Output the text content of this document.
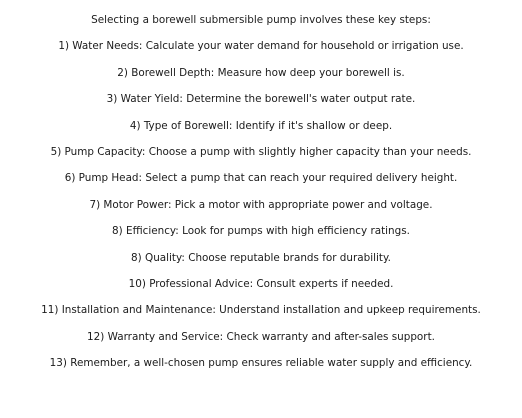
Selecting a borewell submersible pump involves these key steps:
1) Water Needs: Calculate your water demand for household or irrigation use.
2) Borewell Depth: Measure how deep your borewell is.
3) Water Yield: Determine the borewell's water output rate.
4) Type of Borewell: Identify if it's shallow or deep.
5) Pump Capacity: Choose a pump with slightly higher capacity than your needs.
6) Pump Head: Select a pump that can reach your required delivery height.
7) Motor Power: Pick a motor with appropriate power and voltage.
8) Efficiency: Look for pumps with high efficiency ratings.
8) Quality: Choose reputable brands for durability.
10) Professional Advice: Consult experts if needed.
11) Installation and Maintenance: Understand installation and upkeep requirements.
12) Warranty and Service: Check warranty and after-sales support.
13) Remember, a well-chosen pump ensures reliable water supply and efficiency.
